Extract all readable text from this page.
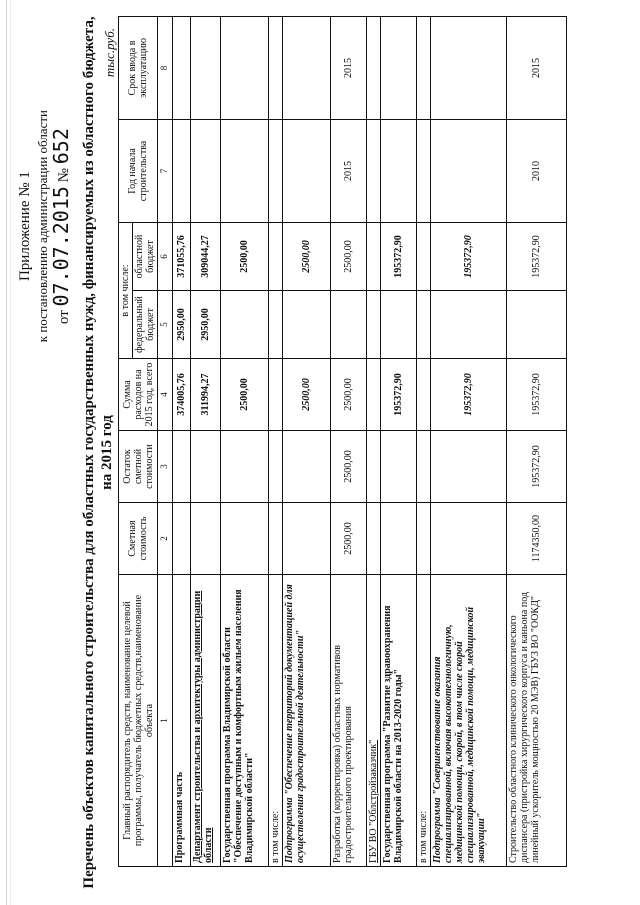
Приложение № 1 к постановлению администрации области от 07.07.2015 № 652 Перечень объектов капитального строительства для областных государственных нужд, финансируемых из областного бюджета, на 2015 год
тыс.руб.
Главный распорядитель средств, наименование целевой программы, получатель бюджетных средств,наименование объекта	Сметная стоимость	Остаток сметной стоимости	Сумма расходов на 2015 год, всего	в том числе:		Год начала строительства	Срок ввода в эксплуатацию
				федеральный бюджет	областной бюджет		
1	2	3	4	5	6	7	8
Программная часть			374005,76	2950,00	371055,76		
Департамент строительства и архитектуры администрации области			311994,27	2950,00	309044,27		
Государственная программа Владимирской области "Обеспечение доступным и комфортным жильем населения Владимирской области"			2500,00		2500,00		
в том числе:							
Подпрограмма "Обеспечение территорий документацией для осуществления градостроительной деятельности"			2500,00		2500,00		
Разработка (корректировка) областных нормативов градостроительного проектирования	2500,00	2500,00	2500,00		2500,00	2015	2015
ГБУ ВО "Облстройзаказчик"							
Государственная программа "Развитие здравоохранения Владимирской области на 2013-2020 годы"			195372,90		195372,90		
в том числе:							
Подпрограмма "Совершенствование оказания специализированной, включая высокотехнологичную, медицинской помощи, скорой, в том числе скорой специализированной, медицинской помощи, медицинской эвакуации"			195372,90		195372,90		
Строительство областного клинического онкологического диспансера (пристройка хирургического корпуса и каньона под линейный ускоритель мощностью 20 МЭВ) ГБУЗ ВО "ООКД"	1174350,00	195372,90	195372,90		195372,90	2010	2015
